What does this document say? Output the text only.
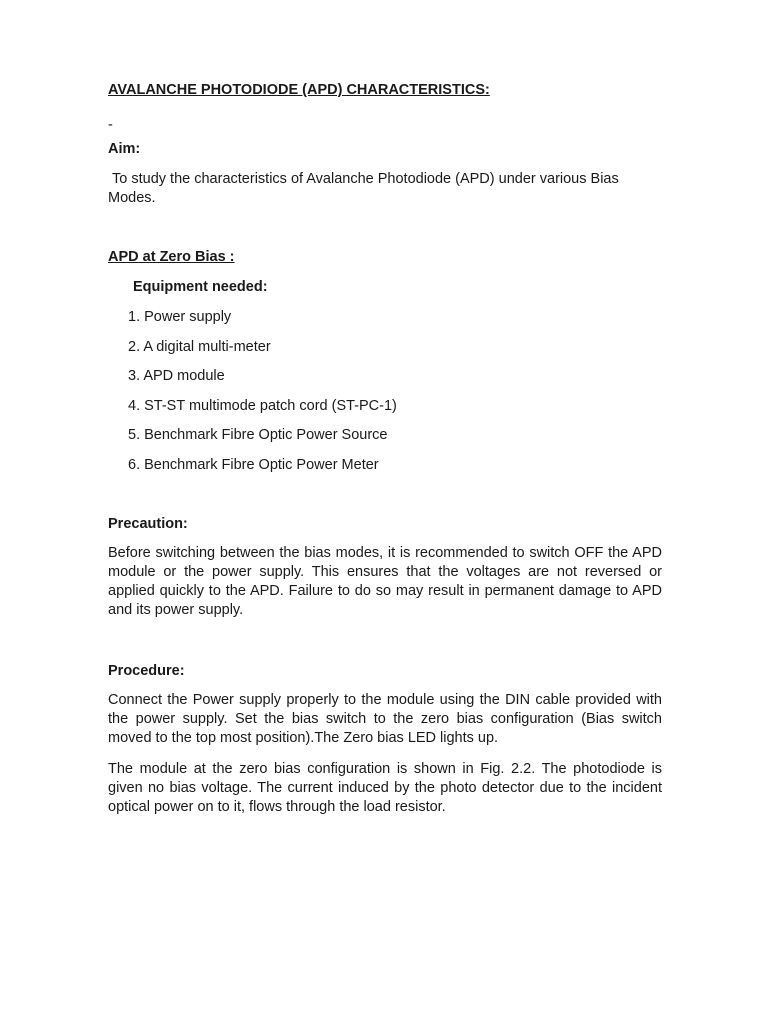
AVALANCHE PHOTODIODE (APD) CHARACTERISTICS:

-

Aim:

To study the characteristics of Avalanche Photodiode (APD) under various Bias Modes.

APD at Zero Bias :

Equipment needed:

1. Power supply

2. A digital multi-meter

3. APD module

4. ST-ST multimode patch cord (ST-PC-1)

5. Benchmark Fibre Optic Power Source

6. Benchmark Fibre Optic Power Meter

Precaution:

Before switching between the bias modes, it is recommended to switch OFF the APD module or the power supply. This ensures that the voltages are not reversed or applied quickly to the APD. Failure to do so may result in permanent damage to APD and its power supply.

Procedure:

Connect the Power supply properly to the module using the DIN cable provided with the power supply. Set the bias switch to the zero bias configuration (Bias switch moved to the top most position).The Zero bias LED lights up.

The module at the zero bias configuration is shown in Fig. 2.2. The photodiode is given no bias voltage. The current induced by the photo detector due to the incident optical power on to it, flows through the load resistor.
